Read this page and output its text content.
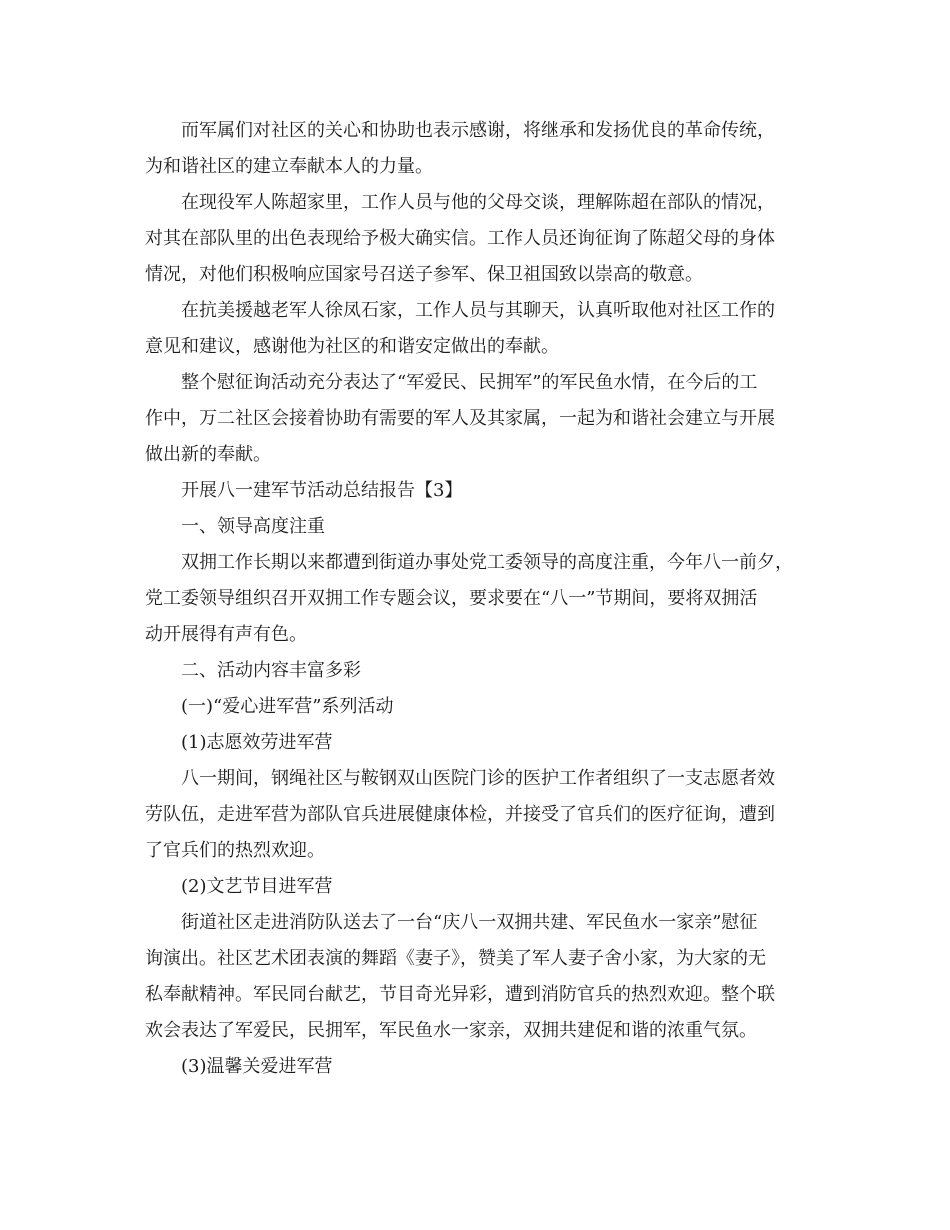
而军属们对社区的关心和协助也表示感谢，将继承和发扬优良的革命传统，
为和谐社区的建立奉献本人的力量。
在现役军人陈超家里，工作人员与他的父母交谈，理解陈超在部队的情况，
对其在部队里的出色表现给予极大确实信。工作人员还询征询了陈超父母的身体
情况，对他们积极响应国家号召送子参军、保卫祖国致以崇高的敬意。
在抗美援越老军人徐凤石家，工作人员与其聊天，认真听取他对社区工作的
意见和建议，感谢他为社区的和谐安定做出的奉献。
整个慰征询活动充分表达了“军爱民、民拥军”的军民鱼水情，在今后的工
作中，万二社区会接着协助有需要的军人及其家属，一起为和谐社会建立与开展
做出新的奉献。
开展八一建军节活动总结报告【3】
一、领导高度注重
双拥工作长期以来都遭到街道办事处党工委领导的高度注重，今年八一前夕，
党工委领导组织召开双拥工作专题会议，要求要在“八一”节期间，要将双拥活
动开展得有声有色。
二、活动内容丰富多彩
(一)“爱心进军营”系列活动
(1)志愿效劳进军营
八一期间，钢绳社区与鞍钢双山医院门诊的医护工作者组织了一支志愿者效
劳队伍，走进军营为部队官兵进展健康体检，并接受了官兵们的医疗征询，遭到
了官兵们的热烈欢迎。
(2)文艺节目进军营
街道社区走进消防队送去了一台“庆八一双拥共建、军民鱼水一家亲”慰征
询演出。社区艺术团表演的舞蹈《妻子》，赞美了军人妻子舍小家，为大家的无
私奉献精神。军民同台献艺，节目奇光异彩，遭到消防官兵的热烈欢迎。整个联
欢会表达了军爱民，民拥军，军民鱼水一家亲，双拥共建促和谐的浓重气氛。
(3)温馨关爱进军营
